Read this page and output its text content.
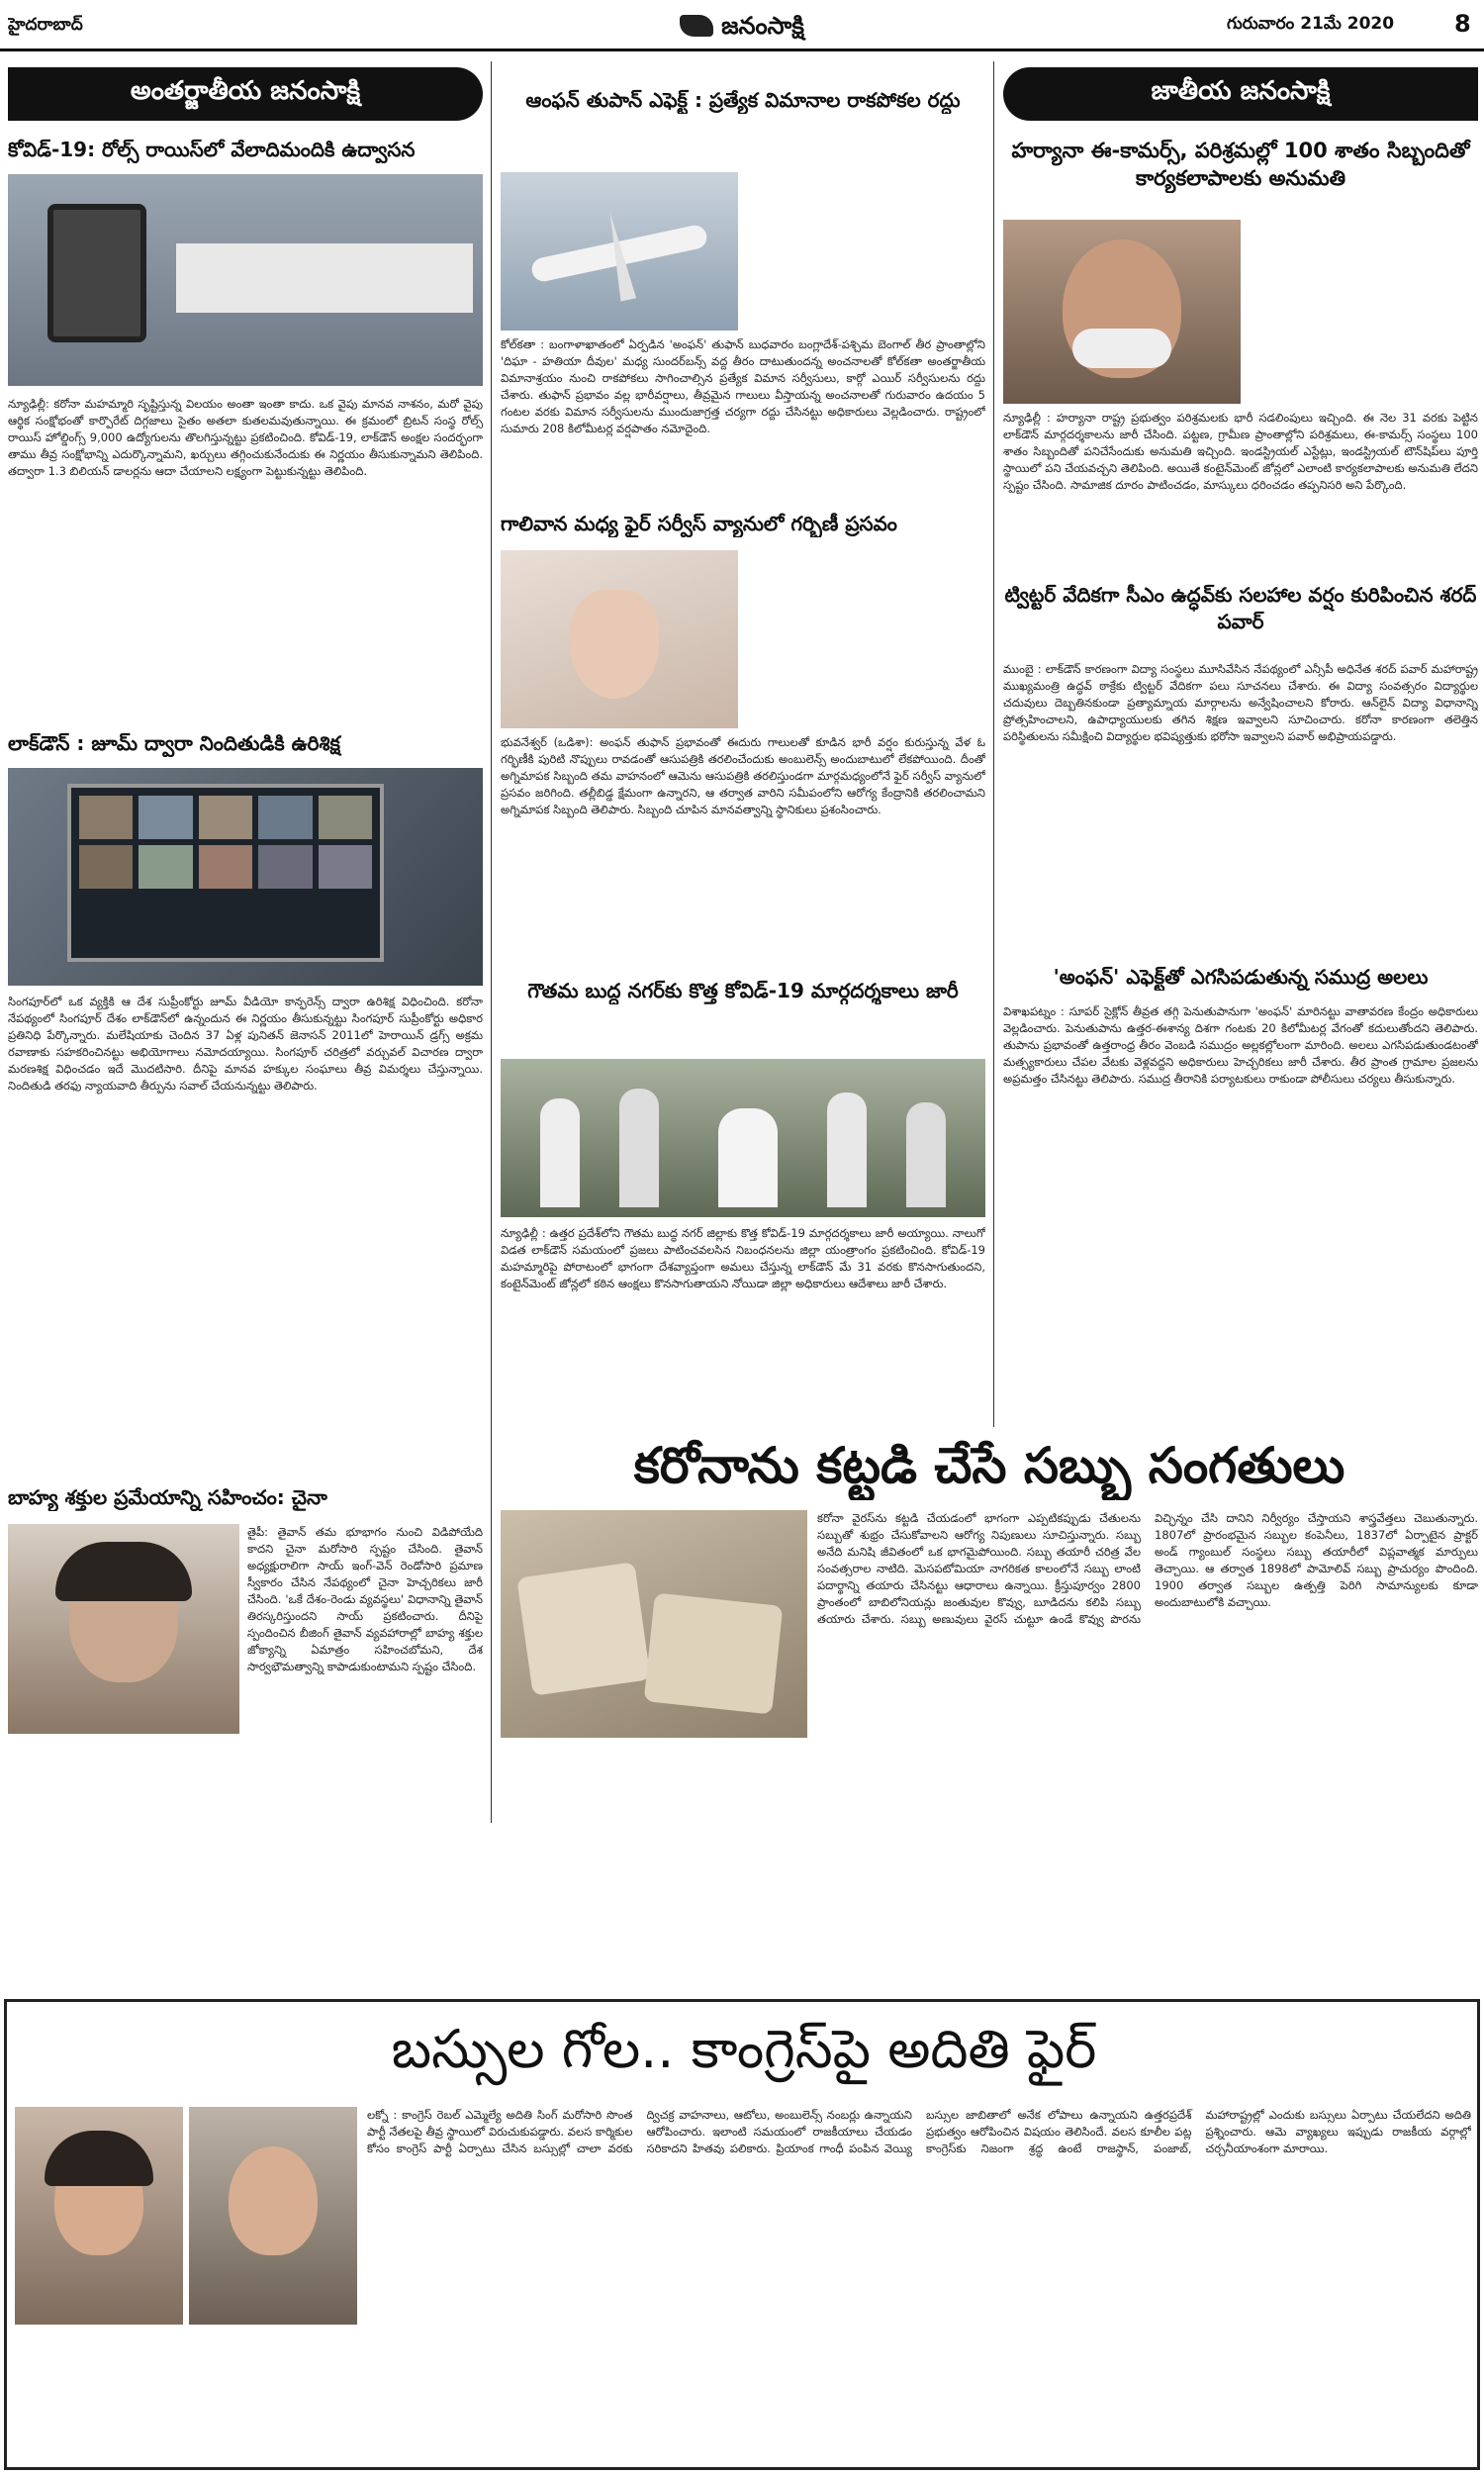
హైదరాబాద్	జనంసాక్షి	గురువారం 21మే 2020	8
అంతర్జాతీయ జనంసాక్షి
కోవిడ్‌-19: రోల్స్‌ రాయిస్‌లో వేలాదిమందికి ఉద్వాసన
న్యూఢిల్లీ: కరోనా మహమ్మారి సృష్టిస్తున్న విలయం అంతా ఇంతా కాదు. ఒక వైపు మానవ నాశనం, మరో వైపు ఆర్థిక సంక్షోభంతో కార్పొరేట్‌ దిగ్గజాలు సైతం అతలా కుతలమవుతున్నాయి. ఈ క్రమంలో బ్రిటన్‌ సంస్థ రోల్స్‌ రాయిస్‌ హోల్డింగ్స్‌ 9,000 ఉద్యోగులను తొలగిస్తున్నట్టు ప్రకటించింది. కోవిడ్‌-19, లాక్‌డౌన్‌ అంక్షల సందర్భంగా తాము తీవ్ర సంక్షోభాన్ని ఎదుర్కొన్నామని, ఖర్చులు తగ్గించుకునేందుకు ఈ నిర్ణయం తీసుకున్నామని తెలిపింది. తద్వారా 1.3 బిలియన్‌ డాలర్లను ఆదా చేయాలని లక్ష్యంగా పెట్టుకున్నట్టు తెలిపింది.
లాక్‌డౌన్‌ : జూమ్‌ ద్వారా నిందితుడికి ఉరిశిక్ష
సింగపూర్‌లో ఒక వ్యక్తికి ఆ దేశ సుప్రీంకోర్టు జూమ్‌ వీడియో కాన్ఫరెన్స్‌ ద్వారా ఉరిశిక్ష విధించింది. కరోనా నేపథ్యంలో సింగపూర్‌ దేశం లాక్‌డౌన్‌లో ఉన్నందున ఈ నిర్ణయం తీసుకున్నట్టు సింగపూర్‌ సుప్రీంకోర్టు అధికార ప్రతినిధి పేర్కొన్నారు. మలేషియాకు చెందిన 37 ఏళ్ల పునితన్‌ జెనాసన్‌ 2011లో హెరాయిన్‌ డ్రగ్స్‌ అక్రమ రవాణాకు సహకరించినట్టు అభియోగాలు నమోదయ్యాయి. సింగపూర్‌ చరిత్రలో వర్చువల్‌ విచారణ ద్వారా మరణశిక్ష విధించడం ఇదే మొదటిసారి. దీనిపై మానవ హక్కుల సంఘాలు తీవ్ర విమర్శలు చేస్తున్నాయి. నిందితుడి తరఫు న్యాయవాది తీర్పును సవాల్‌ చేయనున్నట్టు తెలిపారు.
బాహ్య శక్తుల ప్రమేయాన్ని సహించం: చైనా
తైపీ: తైవాన్‌ తమ భూభాగం నుంచి విడిపోయేది కాదని చైనా మరోసారి స్పష్టం చేసింది. తైవాన్‌ అధ్యక్షురాలిగా సాయ్‌ ఇంగ్‌-వెన్‌ రెండోసారి ప్రమాణ స్వీకారం చేసిన నేపథ్యంలో చైనా హెచ్చరికలు జారీ చేసింది. 'ఒకే దేశం-రెండు వ్యవస్థలు' విధానాన్ని తైవాన్‌ తిరస్కరిస్తుందని సాయ్‌ ప్రకటించారు. దీనిపై స్పందించిన బీజింగ్‌ తైవాన్‌ వ్యవహారాల్లో బాహ్య శక్తుల జోక్యాన్ని ఏమాత్రం సహించబోమని, దేశ సార్వభౌమత్వాన్ని కాపాడుకుంటామని స్పష్టం చేసింది.
ఆంఫన్‌ తుపాన్‌ ఎఫెక్ట్‌ : ప్రత్యేక విమానాల రాకపోకల రద్దు
కోల్‌కతా : బంగాళాఖాతంలో ఏర్పడిన 'అంఫన్‌' తుఫాన్‌ బుధవారం బంగ్లాదేశ్‌-పశ్చిమ బెంగాల్‌ తీర ప్రాంతాల్లోని 'దిఘా - హతియా దీవుల' మధ్య సుందర్‌బన్స్‌ వద్ద తీరం దాటుతుందన్న అంచనాలతో కోల్‌కతా అంతర్జాతీయ విమానాశ్రయం నుంచి రాకపోకలు సాగించాల్సిన ప్రత్యేక విమాన సర్వీసులు, కార్గో ఎయిర్‌ సర్వీసులను రద్దు చేశారు. తుఫాన్‌ ప్రభావం వల్ల భారీవర్షాలు, తీవ్రమైన గాలులు వీస్తాయన్న అంచనాలతో గురువారం ఉదయం 5 గంటల వరకు విమాన సర్వీసులను ముందుజాగ్రత్త చర్యగా రద్దు చేసినట్టు అధికారులు వెల్లడించారు. రాష్ట్రంలో సుమారు 208 కిలోమీటర్ల వర్షపాతం నమోదైంది.
గాలివాన మధ్య ఫైర్‌ సర్వీస్‌ వ్యానులో గర్భిణీ ప్రసవం
భువనేశ్వర్‌ (ఒడిశా): అంఫన్‌ తుఫాన్‌ ప్రభావంతో ఈదురు గాలులతో కూడిన భారీ వర్షం కురుస్తున్న వేళ ఓ గర్భిణీకి పురిటి నొప్పులు రావడంతో ఆసుపత్రికి తరలించేందుకు అంబులెన్స్‌ అందుబాటులో లేకపోయింది. దీంతో అగ్నిమాపక సిబ్బంది తమ వాహనంలో ఆమెను ఆసుపత్రికి తరలిస్తుండగా మార్గమధ్యంలోనే ఫైర్‌ సర్వీస్‌ వ్యానులో ప్రసవం జరిగింది. తల్లీబిడ్డ క్షేమంగా ఉన్నారని, ఆ తర్వాత వారిని సమీపంలోని ఆరోగ్య కేంద్రానికి తరలించామని అగ్నిమాపక సిబ్బంది తెలిపారు. సిబ్బంది చూపిన మానవత్వాన్ని స్థానికులు ప్రశంసించారు.
గౌతమ బుద్ధ నగర్‌కు కొత్త కోవిడ్‌-19 మార్గదర్శకాలు జారీ
న్యూఢిల్లీ : ఉత్తర ప్రదేశ్‌లోని గౌతమ బుద్ధ నగర్‌ జిల్లాకు కొత్త కోవిడ్‌-19 మార్గదర్శకాలు జారీ అయ్యాయి. నాలుగో విడత లాక్‌డౌన్‌ సమయంలో ప్రజలు పాటించవలసిన నిబంధనలను జిల్లా యంత్రాంగం ప్రకటించింది. కోవిడ్‌-19 మహమ్మారిపై పోరాటంలో భాగంగా దేశవ్యాప్తంగా అమలు చేస్తున్న లాక్‌డౌన్‌ మే 31 వరకు కొనసాగుతుందని, కంటైన్‌మెంట్‌ జోన్లలో కఠిన ఆంక్షలు కొనసాగుతాయని నోయిడా జిల్లా అధికారులు ఆదేశాలు జారీ చేశారు.
జాతీయ జనంసాక్షి
హర్యానా ఈ-కామర్స్‌, పరిశ్రమల్లో 100 శాతం సిబ్బందితో కార్యకలాపాలకు అనుమతి
న్యూఢిల్లీ : హర్యానా రాష్ట్ర ప్రభుత్వం పరిశ్రమలకు భారీ సడలింపులు ఇచ్చింది. ఈ నెల 31 వరకు పెట్టిన లాక్‌డౌన్‌ మార్గదర్శకాలను జారీ చేసింది. పట్టణ, గ్రామీణ ప్రాంతాల్లోని పరిశ్రమలు, ఈ-కామర్స్‌ సంస్థలు 100 శాతం సిబ్బందితో పనిచేసేందుకు అనుమతి ఇచ్చింది. ఇండస్ట్రియల్‌ ఎస్టేట్లు, ఇండస్ట్రియల్‌ టౌన్‌షిప్‌లు పూర్తి స్థాయిలో పని చేయవచ్చని తెలిపింది. అయితే కంటైన్‌మెంట్‌ జోన్లలో ఎలాంటి కార్యకలాపాలకు అనుమతి లేదని స్పష్టం చేసింది. సామాజిక దూరం పాటించడం, మాస్కులు ధరించడం తప్పనిసరి అని పేర్కొంది.
ట్విట్టర్‌ వేదికగా సీఎం ఉద్ధవ్‌కు సలహాల వర్షం కురిపించిన శరద్‌ పవార్‌
ముంబై : లాక్‌డౌన్‌ కారణంగా విద్యా సంస్థలు మూసివేసిన నేపథ్యంలో ఎన్సీపీ అధినేత శరద్‌ పవార్‌ మహారాష్ట్ర ముఖ్యమంత్రి ఉద్ధవ్‌ ఠాక్రేకు ట్విట్టర్‌ వేదికగా పలు సూచనలు చేశారు. ఈ విద్యా సంవత్సరం విద్యార్థుల చదువులు దెబ్బతినకుండా ప్రత్యామ్నాయ మార్గాలను అన్వేషించాలని కోరారు. ఆన్‌లైన్‌ విద్యా విధానాన్ని ప్రోత్సహించాలని, ఉపాధ్యాయులకు తగిన శిక్షణ ఇవ్వాలని సూచించారు. కరోనా కారణంగా తలెత్తిన పరిస్థితులను సమీక్షించి విద్యార్థుల భవిష్యత్తుకు భరోసా ఇవ్వాలని పవార్‌ అభిప్రాయపడ్డారు.
'అంఫన్‌' ఎఫెక్ట్‌తో ఎగసిపడుతున్న సముద్ర అలలు
విశాఖపట్నం : సూపర్‌ సైక్లోన్‌ తీవ్రత తగ్గి పెనుతుపానుగా 'అంఫన్‌' మారినట్టు వాతావరణ కేంద్రం అధికారులు వెల్లడించారు. పెనుతుపాను ఉత్తర-ఈశాన్య దిశగా గంటకు 20 కిలోమీటర్ల వేగంతో కదులుతోందని తెలిపారు. తుపాను ప్రభావంతో ఉత్తరాంధ్ర తీరం వెంబడి సముద్రం అల్లకల్లోలంగా మారింది. అలలు ఎగసిపడుతుండటంతో మత్స్యకారులు చేపల వేటకు వెళ్లవద్దని అధికారులు హెచ్చరికలు జారీ చేశారు. తీర ప్రాంత గ్రామాల ప్రజలను అప్రమత్తం చేసినట్టు తెలిపారు. సముద్ర తీరానికి పర్యాటకులు రాకుండా పోలీసులు చర్యలు తీసుకున్నారు.
కరోనాను కట్టడి చేసే సబ్బు సంగతులు
కరోనా వైరస్‌ను కట్టడి చేయడంలో భాగంగా ఎప్పటికప్పుడు చేతులను సబ్బుతో శుభ్రం చేసుకోవాలని ఆరోగ్య నిపుణులు సూచిస్తున్నారు. సబ్బు అనేది మనిషి జీవితంలో ఒక భాగమైపోయింది. సబ్బు తయారీ చరిత్ర వేల సంవత్సరాల నాటిది. మెసపటోమియా నాగరికత కాలంలోనే సబ్బు లాంటి పదార్థాన్ని తయారు చేసినట్టు ఆధారాలు ఉన్నాయి. క్రీస్తుపూర్వం 2800 ప్రాంతంలో బాబిలోనియన్లు జంతువుల కొవ్వు, బూడిదను కలిపి సబ్బు తయారు చేశారు. సబ్బు అణువులు వైరస్‌ చుట్టూ ఉండే కొవ్వు పొరను విచ్ఛిన్నం చేసి దానిని నిర్వీర్యం చేస్తాయని శాస్త్రవేత్తలు చెబుతున్నారు. 1807లో ప్రారంభమైన సబ్బుల కంపెనీలు, 1837లో ఏర్పాటైన ప్రాక్టర్‌ అండ్‌ గ్యాంబుల్‌ సంస్థలు సబ్బు తయారీలో విప్లవాత్మక మార్పులు తెచ్చాయి. ఆ తర్వాత 1898లో పామోలివ్‌ సబ్బు ప్రాచుర్యం పొందింది. 1900 తర్వాత సబ్బుల ఉత్పత్తి పెరిగి సామాన్యులకు కూడా అందుబాటులోకి వచ్చాయి.
బస్సుల గోల.. కాంగ్రెస్‌పై అదితి ఫైర్‌
లక్నో : కాంగ్రెస్‌ రెబల్‌ ఎమ్మెల్యే అదితి సింగ్‌ మరోసారి సొంత పార్టీ నేతలపై తీవ్ర స్థాయిలో విరుచుకుపడ్డారు. వలస కార్మికుల కోసం కాంగ్రెస్‌ పార్టీ ఏర్పాటు చేసిన బస్సుల్లో చాలా వరకు ద్విచక్ర వాహనాలు, ఆటోలు, అంబులెన్స్‌ నంబర్లు ఉన్నాయని ఆరోపించారు. ఇలాంటి సమయంలో రాజకీయాలు చేయడం సరికాదని హితవు పలికారు. ప్రియాంక గాంధీ పంపిన వెయ్యి బస్సుల జాబితాలో అనేక లోపాలు ఉన్నాయని ఉత్తరప్రదేశ్‌ ప్రభుత్వం ఆరోపించిన విషయం తెలిసిందే. వలస కూలీల పట్ల కాంగ్రెస్‌కు నిజంగా శ్రద్ధ ఉంటే రాజస్థాన్‌, పంజాబ్‌, మహారాష్ట్రల్లో ఎందుకు బస్సులు ఏర్పాటు చేయలేదని అదితి ప్రశ్నించారు. ఆమె వ్యాఖ్యలు ఇప్పుడు రాజకీయ వర్గాల్లో చర్చనీయాంశంగా మారాయి.
